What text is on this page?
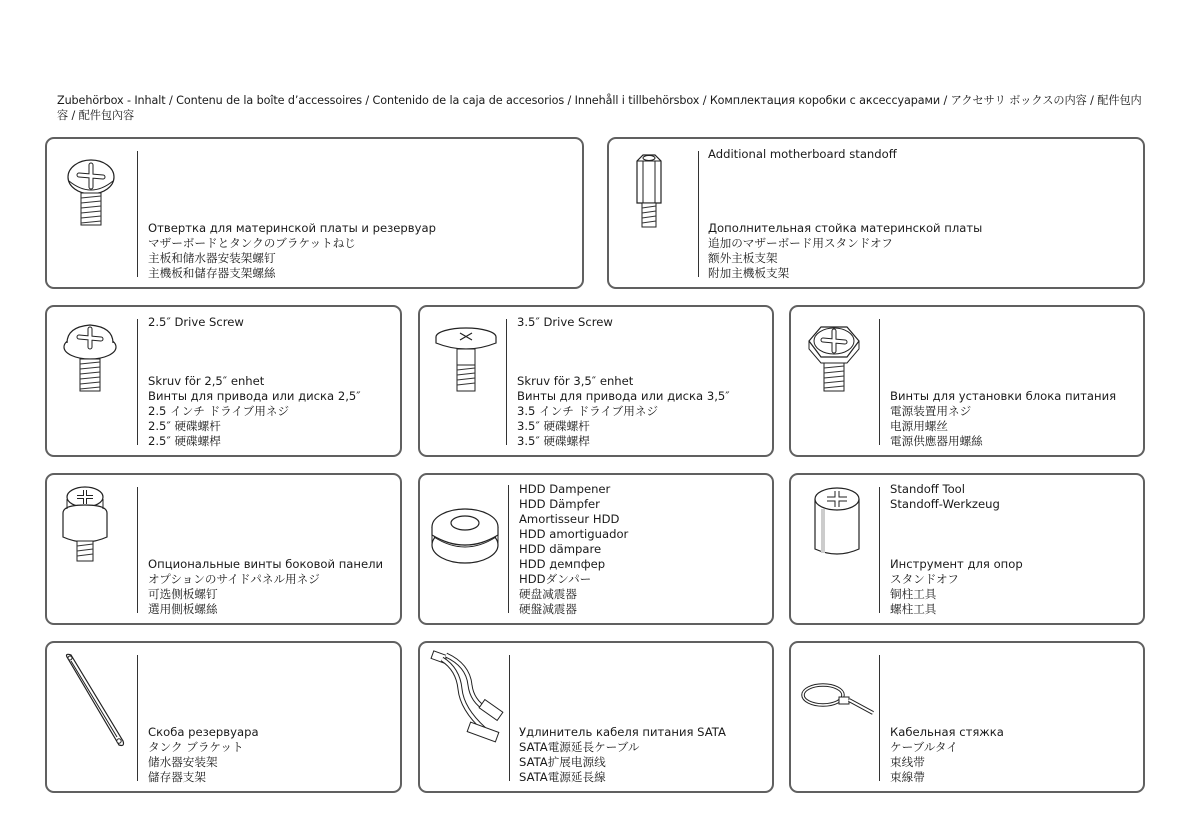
Zubehörbox - Inhalt / Contenu de la boîte d’accessoires / Contenido de la caja de accesorios / Innehåll i tillbehörsbox / Комплектация коробки с аксессуарами / アクセサリ ボックスの内容 / 配件包内容 / 配件包內容
Отвертка для материнской платы и резервуар
マザーボードとタンクのブラケットねじ
主板和储水器安装架螺钉
主機板和儲存器支架螺絲
Additional motherboard standoff
Дополнительная стойка материнской платы
追加のマザーボード用スタンドオフ
额外主板支架
附加主機板支架
2.5″ Drive Screw
Skruv för 2,5″ enhet
Винты для привода или диска 2,5″
2.5 インチ ドライブ用ネジ
2.5″ 硬碟螺杆
2.5″ 硬碟螺桿
3.5″ Drive Screw
Skruv för 3,5″ enhet
Винты для привода или диска 3,5″
3.5 インチ ドライブ用ネジ
3.5″ 硬碟螺杆
3.5″ 硬碟螺桿
Винты для установки блока питания
電源装置用ネジ
电源用螺丝
電源供應器用螺絲
Опциональные винты боковой панели
オプションのサイドパネル用ネジ
可选侧板螺钉
選用側板螺絲
HDD Dampener
HDD Dämpfer
Amortisseur HDD
HDD amortiguador
HDD dämpare
HDD демпфер
HDDダンパー
硬盘减震器
硬盤減震器
Standoff Tool
Standoff-Werkzeug
Инструмент для опор
スタンドオフ
铜柱工具
螺柱工具
Скоба резервуара
タンク ブラケット
储水器安装架
儲存器支架
Удлинитель кабеля питания SATA
SATA電源延長ケーブル
SATA扩展电源线
SATA電源延長線
Кабельная стяжка
ケーブルタイ
束线带
束線帶
